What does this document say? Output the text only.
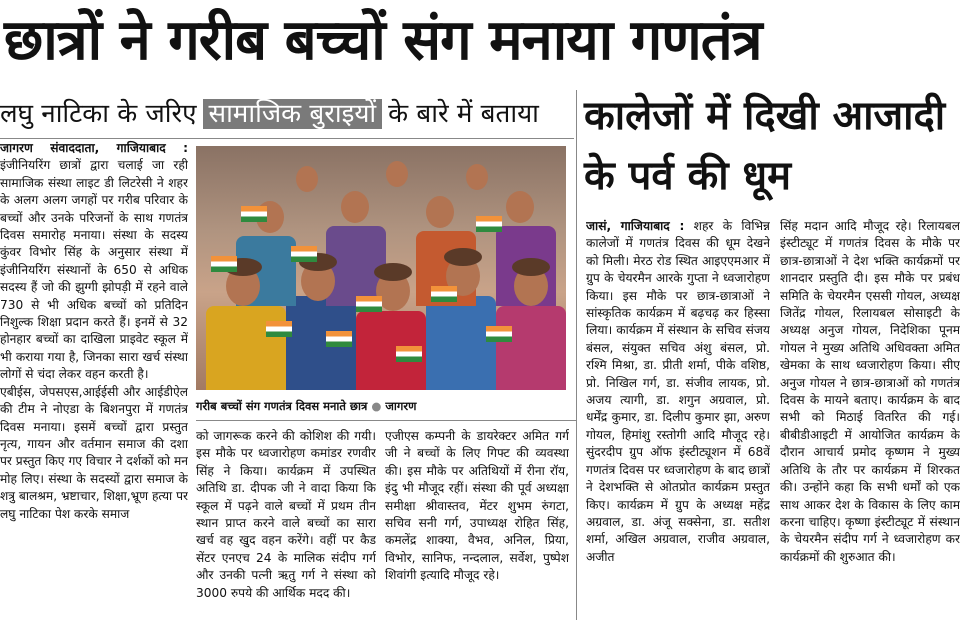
छात्रों ने गरीब बच्चों संग मनाया गणतंत्र
लघु नाटिका के जरिए सामाजिक बुराइयों के बारे में बताया कालेजों में दिखी आजादी के पर्व की धूम

जागरण संवाददाता, गाजियाबाद : इंजीनियरिंग छात्रों द्वारा चलाई जा रही सामाजिक संस्था लाइट डी लिटरेसी ने शहर के अलग अलग जगहों पर गरीब परिवार के बच्चों और उनके परिजनों के साथ गणतंत्र दिवस समारोह मनाया। संस्था के सदस्य कुंवर विभोर सिंह के अनुसार संस्था में इंजीनियरिंग संस्थानों के 650 से अधिक सदस्य हैं जो की झुग्गी झोपड़ी में रहने वाले 730 से भी अधिक बच्चों को प्रतिदिन निशुल्क शिक्षा प्रदान करते हैं। इनमें से 32 होनहार बच्चों का दाखिला प्राइवेट स्कूल में भी कराया गया है, जिनका सारा खर्च संस्था लोगों से चंदा लेकर वहन करती है।

एबीईस, जेपसएस,आईईसी और आईडीऐल की टीम ने नोएडा के बिशनपुरा में गणतंत्र दिवस मनाया। इसमें बच्चों द्वारा प्रस्तुत नृत्य, गायन और वर्तमान समाज की दशा पर प्रस्तुत किए गए विचार ने दर्शकों को मन मोह लिए। संस्था के सदस्यों द्वारा समाज के शत्रु बालश्रम, भ्रष्टाचार, शिक्षा,भ्रूण हत्या पर लघु नाटिका पेश करके समाज

गरीब बच्चों संग गणतंत्र दिवस मनाते छात्र ● जागरण

को जागरूक करने की कोशिश की गयी। इस मौके पर ध्वजारोहण कमांडर रणवीर सिंह ने किया। कार्यक्रम में उपस्थित अतिथि डा. दीपक जी ने वादा किया कि स्कूल में पढ़ने वाले बच्चों में प्रथम तीन स्थान प्राप्त करने वाले बच्चों का सारा खर्च वह खुद वहन करेंगे। वहीं पर कैड सेंटर एनएच 24 के मालिक संदीप गर्ग और उनकी पत्नी ऋतु गर्ग ने संस्था को 3000 रुपये की आर्थिक मदद की।

एजीएस कम्पनी के डायरेक्टर अमित गर्ग जी ने बच्चों के लिए गिफ्ट की व्यवस्था की। इस मौके पर अतिथियों में रीना रॉय, इंदु भी मौजूद रहीं। संस्था की पूर्व अध्यक्षा समीक्षा श्रीवास्तव, मेंटर शुभम रुंगटा, सचिव सनी गर्ग, उपाध्यक्ष रोहित सिंह, कमलेंद्र शाक्या, वैभव, अनिल, प्रिया, विभोर, सानिफ, नन्दलाल, सर्वेश, पुष्पेश शिवांगी इत्यादि मौजूद रहे।

जासं, गाजियाबाद : शहर के विभिन्न कालेजों में गणतंत्र दिवस की धूम देखने को मिली। मेरठ रोड स्थित आइएएमआर में ग्रुप के चेयरमैन आरके गुप्ता ने ध्वजारोहण किया। इस मौके पर छात्र-छात्राओं ने सांस्कृतिक कार्यक्रम में बढ़चढ़ कर हिस्सा लिया। कार्यक्रम में संस्थान के सचिव संजय बंसल, संयुक्त सचिव अंशु बंसल, प्रो. रश्मि मिश्रा, डा. प्रीती शर्मा, पीके वशिष्ठ, प्रो. निखिल गर्ग, डा. संजीव लायक, प्रो. अजय त्यागी, डा. शगुन अग्रवाल, प्रो. धर्मेंद्र कुमार, डा. दिलीप कुमार झा, अरुण गोयल, हिमांशु रस्तोगी आदि मौजूद रहे। सुंदरदीप ग्रुप ऑफ इंस्टीट्यूशन में 68वें गणतंत्र दिवस पर ध्वजारोहण के बाद छात्रों ने देशभक्ति से ओतप्रोत कार्यक्रम प्रस्तुत किए। कार्यक्रम में ग्रुप के अध्यक्ष महेंद्र अग्रवाल, डा. अंजू सक्सेना, डा. सतीश शर्मा, अखिल अग्रवाल, राजीव अग्रवाल, अजीत

सिंह मदान आदि मौजूद रहे। रिलायबल इंस्टीट्यूट में गणतंत्र दिवस के मौके पर छात्र-छात्राओं ने देश भक्ति कार्यक्रमों पर शानदार प्रस्तुति दी। इस मौके पर प्रबंध समिति के चेयरमैन एससी गोयल, अध्यक्ष जितेंद्र गोयल, रिलायबल सोसाइटी के अध्यक्ष अनुज गोयल, निदेशिका पूनम गोयल ने मुख्य अतिथि अधिवक्ता अमित खेमका के साथ ध्वजारोहण किया। सीए अनुज गोयल ने छात्र-छात्राओं को गणतंत्र दिवस के मायने बताए। कार्यक्रम के बाद सभी को मिठाई वितरित की गई। बीबीडीआइटी में आयोजित कार्यक्रम के दौरान आचार्य प्रमोद कृष्णम ने मुख्य अतिथि के तौर पर कार्यक्रम में शिरकत की। उन्होंने कहा कि सभी धर्मों को एक साथ आकर देश के विकास के लिए काम करना चाहिए। कृष्णा इंस्टीट्यूट में संस्थान के चेयरमैन संदीप गर्ग ने ध्वजारोहण कर कार्यक्रमों की शुरुआत की।
